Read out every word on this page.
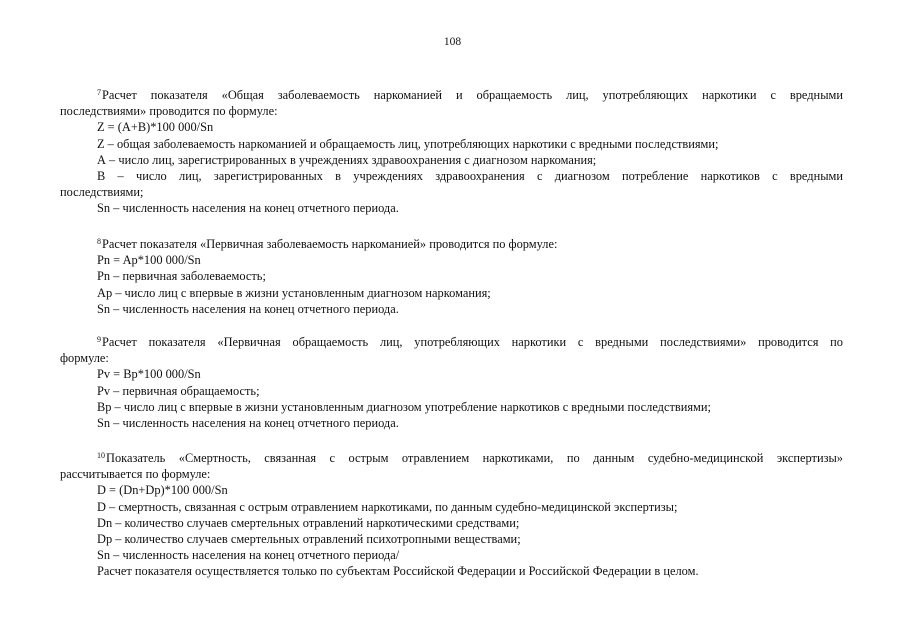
108
$^7$Расчет показателя «Общая заболеваемость наркоманией и обращаемость лиц, употребляющих наркотики с вредными
последствиями» проводится по формуле:
Z = (A+B)*100 000/Sn
Z – общая заболеваемость наркоманией и обращаемость лиц, употребляющих наркотики с вредными последствиями;
А – число лиц, зарегистрированных в учреждениях здравоохранения с диагнозом наркомания;
В – число лиц, зарегистрированных в учреждениях здравоохранения с диагнозом потребление наркотиков с вредными
последствиями;
Sn – численность населения на конец отчетного периода.
$^8$Расчет показателя «Первичная заболеваемость наркоманией» проводится по формуле:
Pn = Ap*100 000/Sn
Pn – первичная заболеваемость;
Ap – число лиц с впервые в жизни установленным диагнозом наркомания;
Sn – численность населения на конец отчетного периода.
$^9$Расчет показателя «Первичная обращаемость лиц, употребляющих наркотики с вредными последствиями» проводится по
формуле:
Pv = Bp*100 000/Sn
Pv – первичная обращаемость;
Bp – число лиц с впервые в жизни установленным диагнозом употребление наркотиков с вредными последствиями;
Sn – численность населения на конец отчетного периода.
$^{10}$Показатель «Смертность, связанная с острым отравлением наркотиками, по данным судебно-медицинской экспертизы»
рассчитывается по формуле:
D = (Dn+Dp)*100 000/Sn
D – смертность, связанная с острым отравлением наркотиками, по данным судебно-медицинской экспертизы;
Dn – количество случаев смертельных отравлений наркотическими средствами;
Dp – количество случаев смертельных отравлений психотропными веществами;
Sn – численность населения на конец отчетного периода/
Расчет показателя осуществляется только по субъектам Российской Федерации и Российской Федерации в целом.
